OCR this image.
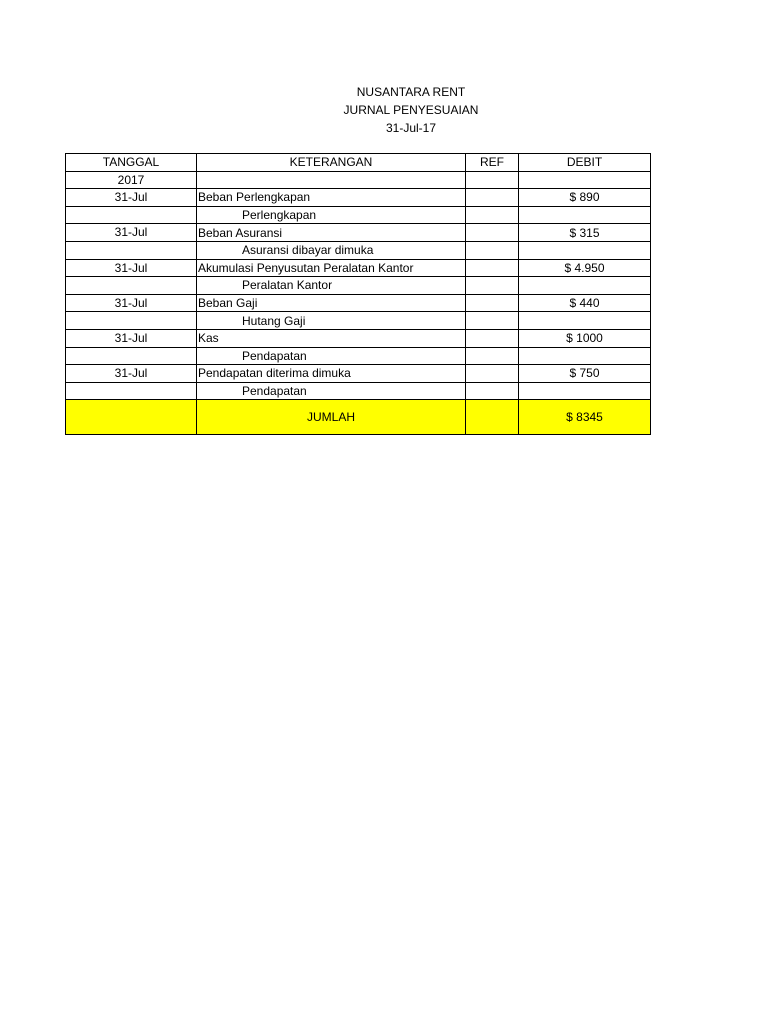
NUSANTARA RENT
JURNAL PENYESUAIAN
31-Jul-17
TANGGAL	KETERANGAN	REF	DEBIT
2017			
31-Jul	Beban Perlengkapan		$ 890
	Perlengkapan		
31-Jul	Beban Asuransi		$ 315
	Asuransi dibayar dimuka		
31-Jul	Akumulasi Penyusutan Peralatan Kantor		$ 4.950
	Peralatan Kantor		
31-Jul	Beban Gaji		$ 440
	Hutang Gaji		
31-Jul	Kas		$ 1000
	Pendapatan		
31-Jul	Pendapatan diterima dimuka		$ 750
	Pendapatan		
	JUMLAH		$ 8345
